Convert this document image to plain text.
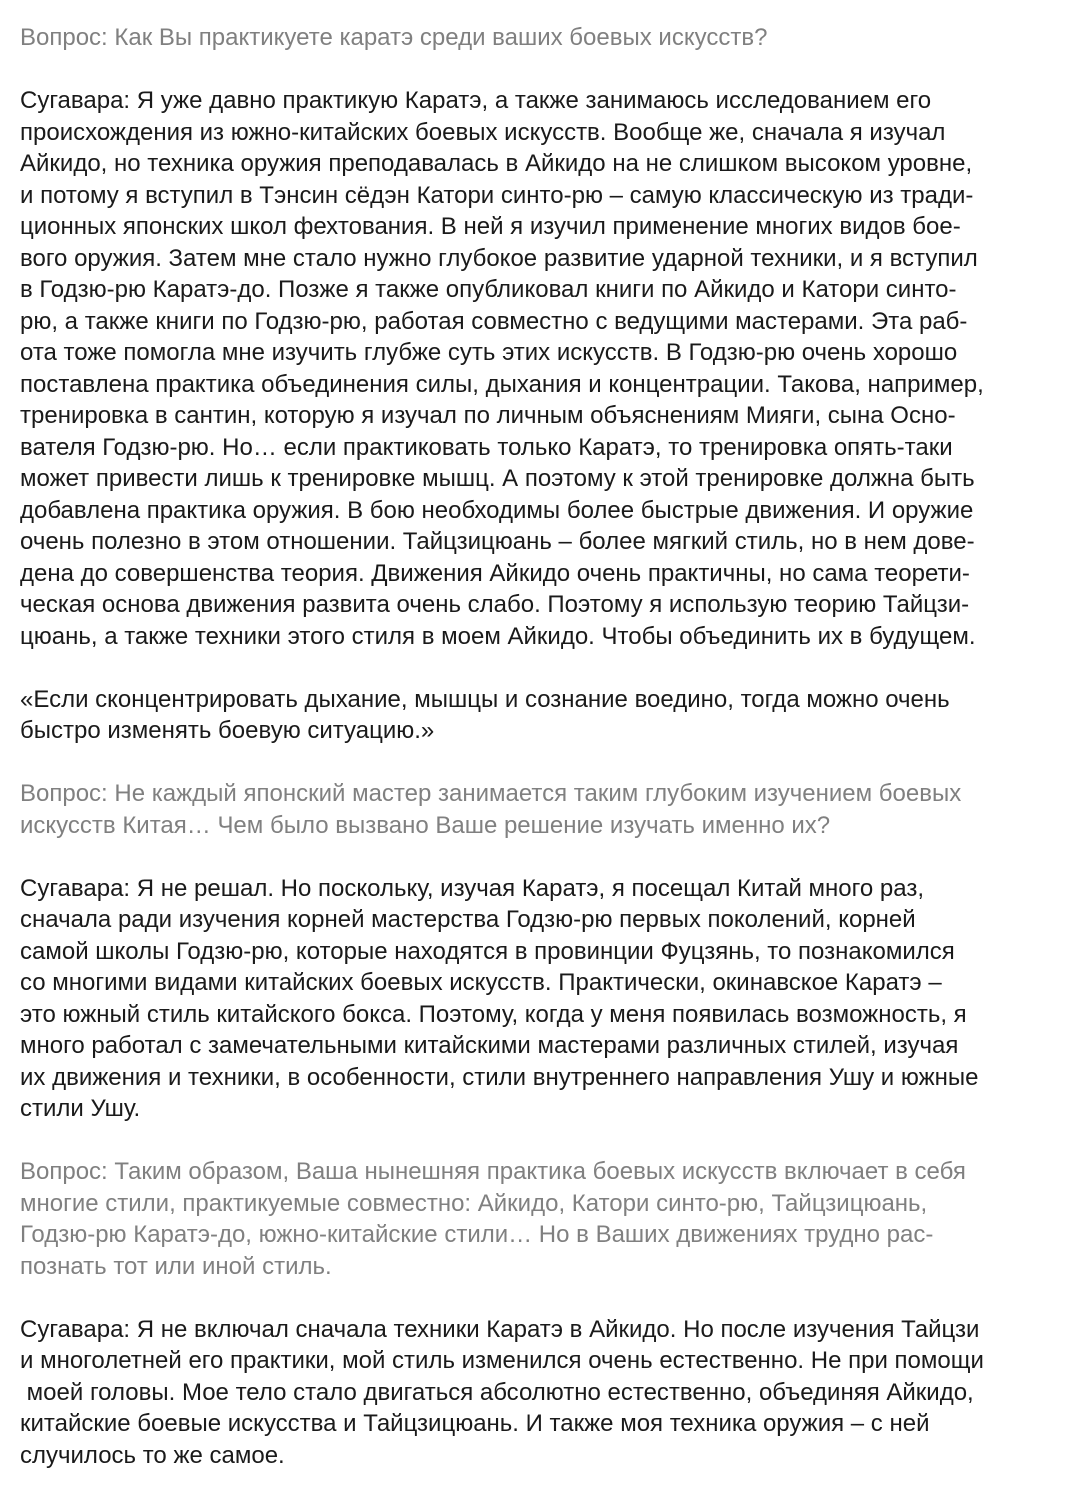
Вопрос: Как Вы практикуете каратэ среди ваших боевых искусств?
Сугавара: Я уже давно практикую Каратэ, а также занимаюсь исследованием его
происхождения из южно-китайских боевых искусств. Вообще же, сначала я изучал
Айкидо, но техника оружия преподавалась в Айкидо на не слишком высоком уровне,
и потому я вступил в Тэнсин сёдэн Катори синто-рю – самую классическую из тради-
ционных японских школ фехтования. В ней я изучил применение многих видов бое-
вого оружия. Затем мне стало нужно глубокое развитие ударной техники, и я вступил
в Годзю-рю Каратэ-до. Позже я также опубликовал книги по Айкидо и Катори синто-
рю, а также книги по Годзю-рю, работая совместно с ведущими мастерами. Эта раб-
ота тоже помогла мне изучить глубже суть этих искусств. В Годзю-рю очень хорошо
поставлена практика объединения силы, дыхания и концентрации. Такова, например,
тренировка в сантин, которую я изучал по личным объяснениям Мияги, сына Осно-
вателя Годзю-рю. Но… если практиковать только Каратэ, то тренировка опять-таки
может привести лишь к тренировке мышц. А поэтому к этой тренировке должна быть
добавлена практика оружия. В бою необходимы более быстрые движения. И оружие
очень полезно в этом отношении. Тайцзицюань – более мягкий стиль, но в нем дове-
дена до совершенства теория. Движения Айкидо очень практичны, но сама теорети-
ческая основа движения развита очень слабо. Поэтому я использую теорию Тайцзи-
цюань, а также техники этого стиля в моем Айкидо. Чтобы объединить их в будущем.
«Если сконцентрировать дыхание, мышцы и сознание воедино, тогда можно очень
быстро изменять боевую ситуацию.»
Вопрос: Не каждый японский мастер занимается таким глубоким изучением боевых
искусств Китая… Чем было вызвано Ваше решение изучать именно их?
Сугавара: Я не решал. Но поскольку, изучая Каратэ, я посещал Китай много раз,
сначала ради изучения корней мастерства Годзю-рю первых поколений, корней
самой школы Годзю-рю, которые находятся в провинции Фуцзянь, то познакомился
со многими видами китайских боевых искусств. Практически, окинавское Каратэ –
это южный стиль китайского бокса. Поэтому, когда у меня появилась возможность, я
много работал с замечательными китайскими мастерами различных стилей, изучая
их движения и техники, в особенности, стили внутреннего направления Ушу и южные
стили Ушу.
Вопрос: Таким образом, Ваша нынешняя практика боевых искусств включает в себя
многие стили, практикуемые совместно: Айкидо, Катори синто-рю, Тайцзицюань,
Годзю-рю Каратэ-до, южно-китайские стили… Но в Ваших движениях трудно рас-
познать тот или иной стиль.
Сугавара: Я не включал сначала техники Каратэ в Айкидо. Но после изучения Тайцзи
и многолетней его практики, мой стиль изменился очень естественно. Не при помощи
моей головы. Мое тело стало двигаться абсолютно естественно, объединяя Айкидо,
китайские боевые искусства и Тайцзицюань. И также моя техника оружия – с ней
случилось то же самое.
